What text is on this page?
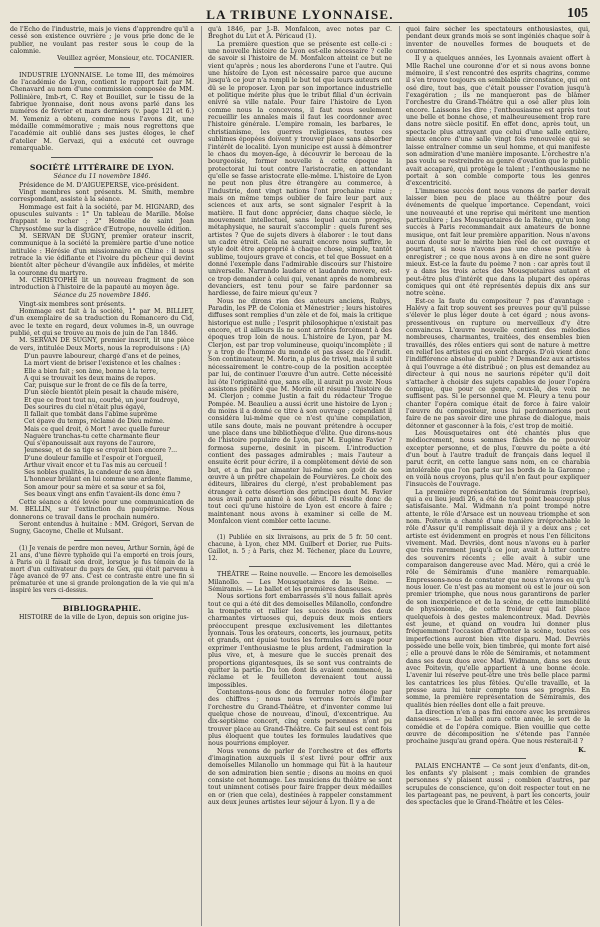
LA TRIBUNE LYONNAISE.	105

de l'Écho de l'industrie, mais je viens d'apprendre qu'il a cessé son existence ouvrière ; je vous prie donc de le publier, ne voulant pas rester sous le coup de la calomnie.

Veuillez agréer, Monsieur, etc. TOCANIER.

INDUSTRIE LYONNAISE. Le tome III, des mémoires de l'académie de Lyon, contient le rapport fait par M. Chenavard au nom d'une commission composée de MM. Pollinière, Imb-rt, C. Rey et Bouillet, sur le tissu de la fabrique lyonnaise, dont nous avons parlé dans les numéros de février et mars derniers (v. page 121 et 6.) M. Yemeniz a obtenu, comme nous l'avons dit, une médaille commémorative ; mais nous regrettons que l'académie ait oublié dans ses justes éloges, le chef d'atelier M. Gervazi, qui a exécuté cet ouvrage remarquable.

SOCIÉTÉ LITTÉRAIRE DE LYON.
Séance du 11 novembre 1846.

Présidence de M. D'AIGUEPERSE, vice-président.

Vingt membres sont présents. M. Smith, membre correspondant, assiste à la séance.

Hommage est fait à la société, par M. HIGNARD, des opuscules suivants : 1° Un tableau de Marille. Moïse frappant le rocher ; 2° Homélie de saint Jean Chrysostôme sur la disgrâce d'Eutrope, nouvelle édition.

M. SERVAN DE SUGNY, premier orateur inscrit, communique à la société la première partie d'une notice intitulée : Hérésie d'un missionnaire en Chine : il nous retrace la vie édifiante et l'ivoire du pêcheur qui devint bientôt alter pêcheur d'évangile aux infidèles, et mérite la couronne du martyre.

M. CHRISTOPHE lit un nouveau fragment de son introduction à l'histoire de la papauté au moyen âge.

Séance du 25 novembre 1846.

Vingt-six membres sont présents.

Hommage est fait à la société, 1° par M. BILLIET, d'un exemplaire de sa traduction du Romancero du Cid, avec le texte en regard, deux volumes in-8, un ouvrage publié, et qui se trouve au mois de juin de l'an 1846.

M. SERVAN DE SUGNY, premier inscrit, lit une pièce de vers, intitulée Deux Morts, nous la reproduisons : (A)

D'un pauvre laboureur, chargé d'ans et de peines,
La mort vient de briser l'existence et les chaînes :
Elle a bien fait ; son âme, bonne à la terre,
À qui se trouvait les deux mains de repos.
Car, puisque sur le front de ce fils de la terre,
D'un siècle bientôt plein pesait la chaude misère,
Et que ce front tout nu, courbé, un jour foudroyé,
Des sourires du ciel n'était plus égayé,
Il fallait que tombât dans l'abîme suprême
Cet épave du temps, réclamé de Dieu même.
Mais ce quel droit, ô Mort ! avec quelle fureur
Naguère tranchas-tu cette charmante fleur
Qui s'épanouissait aux rayons de l'aurore,
Jeunesse, et de sa tige se croyait bien encore ?...
D'une douleur famille et l'espoir et l'orgueil,
Arthur vivait encor et tu l'as mis au cercueil !
Ses nobles qualités, la candeur de son âme,
L'honneur brûlant en lui comme une ardente flamme,
Son amour pour sa mère et sa sœur et sa foi,
Ses beaux vingt ans enfin t'avaient-ils donc ému ?

Cette séance a été levée pour une communication de M. BELLIN, sur l'extinction du paupérisme. Nous donnerons ce travail dans le prochain numéro.

Seront entendus à huitaine : MM. Grégori, Servan de Sugny, Gacoyne, Chelle et Mulsant.

(1) Je venais de perdre mon neveu, Arthur Sornin, âgé de 21 ans, d'une fièvre typhoïde qui l'a emporté en trois jours, à Paris où il faisait son droit, lorsque je fus témoin de la mort d'un cultivateur du pays de Gex, qui était parvenu à l'âge avancé de 97 ans. C'est ce contraste entre une fin si prématurée et une si grande prolongation de la vie qui m'a inspiré les vers ci-dessus.

BIBLIOGRAPHIE.

HISTOIRE de la ville de Lyon, depuis son origine jus-

qu'à 1846, par J.-B. Monfalcon, avec notes par C. Breghot du Lut et A. Péricaud (1).

La première question que se présente est celle-ci : une nouvelle histoire de Lyon est-elle nécessaire ? celle de savoir si l'histoire de M. Monfalcon atteint ce but ne vient qu'après ; nous les aborderons l'une et l'autre. Qui une histoire de Lyon est nécessaire parce que aucune jusqu'à ce jour n'a rempli le but tel que leurs auteurs ont dû se le proposer. Lyon par son importance industrielle et politique mérite plus que le tribut filial d'un écrivain enivré sa ville natale. Pour faire l'histoire de Lyon comme nous la concevons, il faut nous seulement recueillir les annales mais il faut les coordonner avec l'histoire générale. L'empire romain, les barbares, le christianisme, les guerres religieuses, toutes ces sublimes épopées doivent y trouver place sans absorber l'intérêt de localité. Lyon municipe est aussi à démontrer le chaos du moyen-âge, à découvrir le berceau de la bourgeoisie, former nouvelle à cette époque la protectorat lui tout contre l'aristocratie, en attendant qu'elle se fasse aristocrate elle-même. L'histoire de Lyon ne peut non plus être étrangère au commerce, à l'industrie, dont vingt nations l'ont prochaine ruine ; mais on même temps oublier de faire leur part aux sciences et aux arts, se sont signaler l'esprit à la matière. Il faut donc apprécier, dans chaque siècle, le mouvement intellectuel, sans lequel aucun progrès, métaphysique, ne saurait s'accomplir : quels furent ses artistes ? Que de sujets divers à élaborer : le tout dans un cadre étroit. Cela ne saurait encore nous suffire, le style doit être approprié à chaque chose, simple, tantôt sublime, toujours grave et concis, et tel que Bossuet en a donné l'exemple dans l'admirable discours sur l'histoire universelle. Narrando laudare et laudando movere, est-ce trop demander à celui qui, venant après de nombreux devanciers, est tenu pour se faire pardonner sa hardiesse, de faire mieux qu'eux ?

Nous ne dirons rien des auteurs anciens, Rubys, Paradin, les PP. de Colonia et Ménestrier ; leurs histoires diffuses sont remplies d'un zèle et de foi, mais la critique historique est nulle ; l'esprit philosophique n'existait pas encore, et il ailleurs ils ne sont arrêtés forcément à des époques trop loin de nous. L'histoire de Lyon, par M. Clerjon, est par trop volumineuse, quoiqu'incomplète ; il y a trop de l'homme du monde et pas assez de l'érudit. Son continuateur, M. Morin, a plus de trivol, mais il subit nécessairement le contre-coup de la position acceptée par lui, de continuer l'œuvre d'un autre. Cette nécessité lui ôte l'originalité que, sans elle, il aurait pu avoir. Nous assistons préféré que M. Morin eût résumé l'histoire de M. Clerjon ; comme Justin a fait du rédacteur Trogue Pompée. M. Beaulieu a aussi écrit une histoire de Lyon ; du moins il a donné ce titre à son ouvrage ; cependant il considéra lui-même que ce n'est qu'une compilation, utile sans doute, mais ne pouvant prétendre à occuper une place dans une bibliothèque d'élite. Que dirons-nous de l'histoire populaire de Lyon, par M. Eugène Favier ? formosa superne, desinit in piscem. L'introduction contient des passages admirables ; mais l'auteur a ensuite écrit pour écrire, il a complètement dévié de son but, et a fini par aimanter lui-même son goût de son œuvre à un prêtre chapelain de Fourvières. Le choix des éditeurs, libraires du clergé, n'est probablement pas étranger à cette désertion des principes dont M. Favier nous avait paru animé à son début. Il résulte donc de tout ceci qu'une histoire de Lyon est encore à faire ; maintenant nous avons à examiner si celle de M. Monfalcon vient combler cette lacune.

(1) Publiée en six livraisons, au prix de 5 fr. 50 cent. chacune, à Lyon, chez MM. Guilbert et Dorier, rue Puits-Gaillot, n. 5 ; à Paris, chez M. Téchener, place du Louvre, 12.

THÉÂTRE — Reine nouvelle. — Encore les demoiselles Milanollo. — Les Mousquetaires de la Reine. — Sémiramis. — Le ballet et les premières danseuses.

Nous sortions fort embarrassés s'il nous fallait après tout ce qui a été dit des demoiselles Milanollo, confondre la trompette et rallier les succès inouïs des deux charmantes virtuoses qui, depuis deux mois entiers préoccupent presque exclusivement les dilettantes lyonnais. Tous les orateurs, concerts, les journaux, petits et grands, ont épuisé toutes les formules en usage pour exprimer l'enthousiasme le plus ardent, l'admiration la plus vive, et, à mesure que le succès prenait des proportions gigantesques, ils se sont vus contraints de quitter la partie. Du ton dont ils avaient commencé, la réclame et le feuilleton devenaient tout aussi impossibles.

Contentons-nous donc de formuler notre éloge par des chiffres ; nous nous verrons forcés d'imiter l'orchestre du Grand-Théâtre, et d'inventer comme lui quelque chose de nouveau, d'inouï, d'excentrique. Au dix-septième concert, cinq cents personnes n'ont pu trouver place au Grand-Théâtre. Ce fait seul est cent fois plus éloquent que toutes les formules laudatives que nous pourrions employer.

Nous venons de parler de l'orchestre et des efforts d'imagination auxquels il s'est livré pour offrir aux demoiselles Milanollo un hommage qui fût à la hauteur de son admiration bien sentie ; disons au moins en quoi consiste cet hommage. Les musiciens du théâtre se sont tout unimnent cotisés pour faire frapper deux médailles en or (rien que cela), destinées à rappeler constamment aux deux jeunes artistes leur séjour à Lyon. Il y a de

quoi faire sécher les spectateurs enthousiastes, qui, pendant deux grands mois se sont ingéniés chaque soir à inventer de nouvelles formes de bouquets et de couronnes.

Il y a quelques années, les Lyonnais avaient offert à Mlle Rachel une couronne d'or et si nous avons bonne mémoire, il s'est rencontré des esprits chagrins, comme il s'en trouve toujours en semblable circonstance, qui ont osé dire, tout bas, que c'était pousser l'ovation jusqu'à l'exagération ; ils ne manqueront pas de blâmer l'orchestre du Grand-Théâtre qui a osé aller plus loin encore. Laissons les dire ; l'enthousiasme est après tout une belle et bonne chose, et malheureusement trop rare dans notre siècle positif. En effet donc, après tout, un spectacle plus attrayant que celui d'une salle entière, mieux encore d'une salle vingt fois renouvelée qui se laisse entraîner comme un seul homme, et qui manifeste son admiration d'une manière imposante. L'orchestre n'a pas voulu se restreindre au genre d'ovation que le public avait accaparé, qui protège le talent ; l'enthousiasme ne portait à son comble comporte tous les genres d'excentricité.

L'immense succès dont nous venons de parler devait laisser bien peu de place au théâtre pour des événements de quelque importance. Cependant, voici une nouveauté et une reprise qui méritent une mention particulière ; Les Mousquetaires de la Reine, qu'un long succès à Paris recommandait aux amateurs de bonne musique, ont fait leur première apparition. Nous n'avons aucun doute sur le mérite bien réel de cet ouvrage et pourtant, si nous n'avons pas une chose positive à enregistrer ; ce que nous avons à en dire ne sont guère mieux. Est-ce la faute du poème ? non : car après tout il y a dans les trois actes des Mousquetaires autant et peut-être plus d'intérêt que dans la plupart des opéras comiques qui ont été représentés depuis dix ans sur notre scène.

Est-ce la faute du compositeur ? pas d'avantage : Halévy a fait trop souvent ses preuves pour qu'il puisse s'élever le plus léger doute à cet égard ; nous avons-pressentivous en rupture ou merveilleux d'y être convaincus. L'œuvre nouvelle contient des mélodies nombreuses, charmantes, traitées, des ensembles bien travaillés, des rôles entiers qui sont de nature à mettre en relief les artistes qui en sont chargés. D'où vient donc l'indifférence absolue du public ? Demandez aux artistes à qui l'ouvrage a été distribué ; on plus est demandez au directeur à qui nous ne saurions répéter qu'il doit s'attacher à choisir des sujets capables de jouer l'opéra comique, que pour ce genre, ceux-là, des voix ne suffisent pas. Si le personnel que M. Fleury a tenu pour chanter l'opéra comique était de force à faire valoir l'œuvre du compositeur, nous lui pardonnerions peut faire de ne pas savoir dire une phrase de dialogue, mais détonner et gasconner à la fois, c'est trop de moitié.

Les Mousquetaires ont été chantés plus que médiocrement, nous sommes fâchés de ne pouvoir excepter personne, et de plus, l'œuvre du poète a été d'un bout à l'autre traduit de français dans lequel il parut écrit, en cette langue sans nom, en ce charabia intolérable que l'on parle sur les bords de la Garonne ; en voilà nous croyons, plus qu'il n'en faut pour expliquer l'insuccès de l'ouvrage.

La première représentation de Sémiramis (reprise), qui a eu lieu jeudi 26, a été de tout point beaucoup plus satisfaisante. Mal. Widmann n'a point trompé notre attente, le rôle d'Arsace est un nouveau triomphe et son nom. Poitevin a chanté d'une manière irréprochable le rôle d'Assur qu'il remplissait déjà il y a deux ans ; cet artiste est évidemment en progrès et nous l'en félicitons vivement. Mad. Devriès, dont nous n'avons eu à parler que très rarement jusqu'à ce jour, avait à lutter contre des souvenirs récents ; elle avait à subir une comparaison dangereuse avec Mad. Méro, qui a créé le rôle de Sémiramis d'une manière remarquable. Empressons-nous de constater que nous n'avons eu qu'à nous louer. Ce n'est pas au moment où est le jour où son premier triomphe, que nous nous garantirons de parler de son inexpérience et de la scène, de cette immobilité de physionomie, de cette froideur qui fait place quelquefois à des gestes malencontreux. Mad. Devriès est jeune, et quand on voudra lui donner plus fréquemment l'occasion d'affronter la scène, toutes ces imperfections auront bien vite disparu. Mad. Devriès possède une belle voix, bien timbrée, qui monte fort aisé ; elle a prouvé dans le rôle de Sémiramis, et notamment dans ses deux duos avec Mad. Widmann, dans ses deux avec Poitevin, qu'elle appartient à une bonne école. L'avenir lui réserve peut-être une très belle place parmi les cantatrices les plus fêtées. Qu'elle travaille, et la presse aura lui tenir compte tous ses progrès. En somme, la première représentation de Sémiramis, des qualités bien réelles dont elle a fait preuve.

La direction n'en a pas fini encore avec les premières danseuses. — Le ballet aura cette année, le sort de la comédie et de l'opéra comique. Bien vouillie que cette œuvre de décomposition ne s'étende pas l'année prochaine jusqu'au grand opéra. Que nous resterait-il ?

K.

PALAIS ENCHANTÉ — Ce sont jeux d'enfants, dit-on, les enfants s'y plaisent ; mais combien de grandes personnes s'y plaisent aussi ; combien d'autres, par scrupules de conscience, qu'on doit respecter tout en ne les partageant pas, ne peuvent, à part les concerts, jouir des spectacles que le Grand-Théâtre et les Céles-
